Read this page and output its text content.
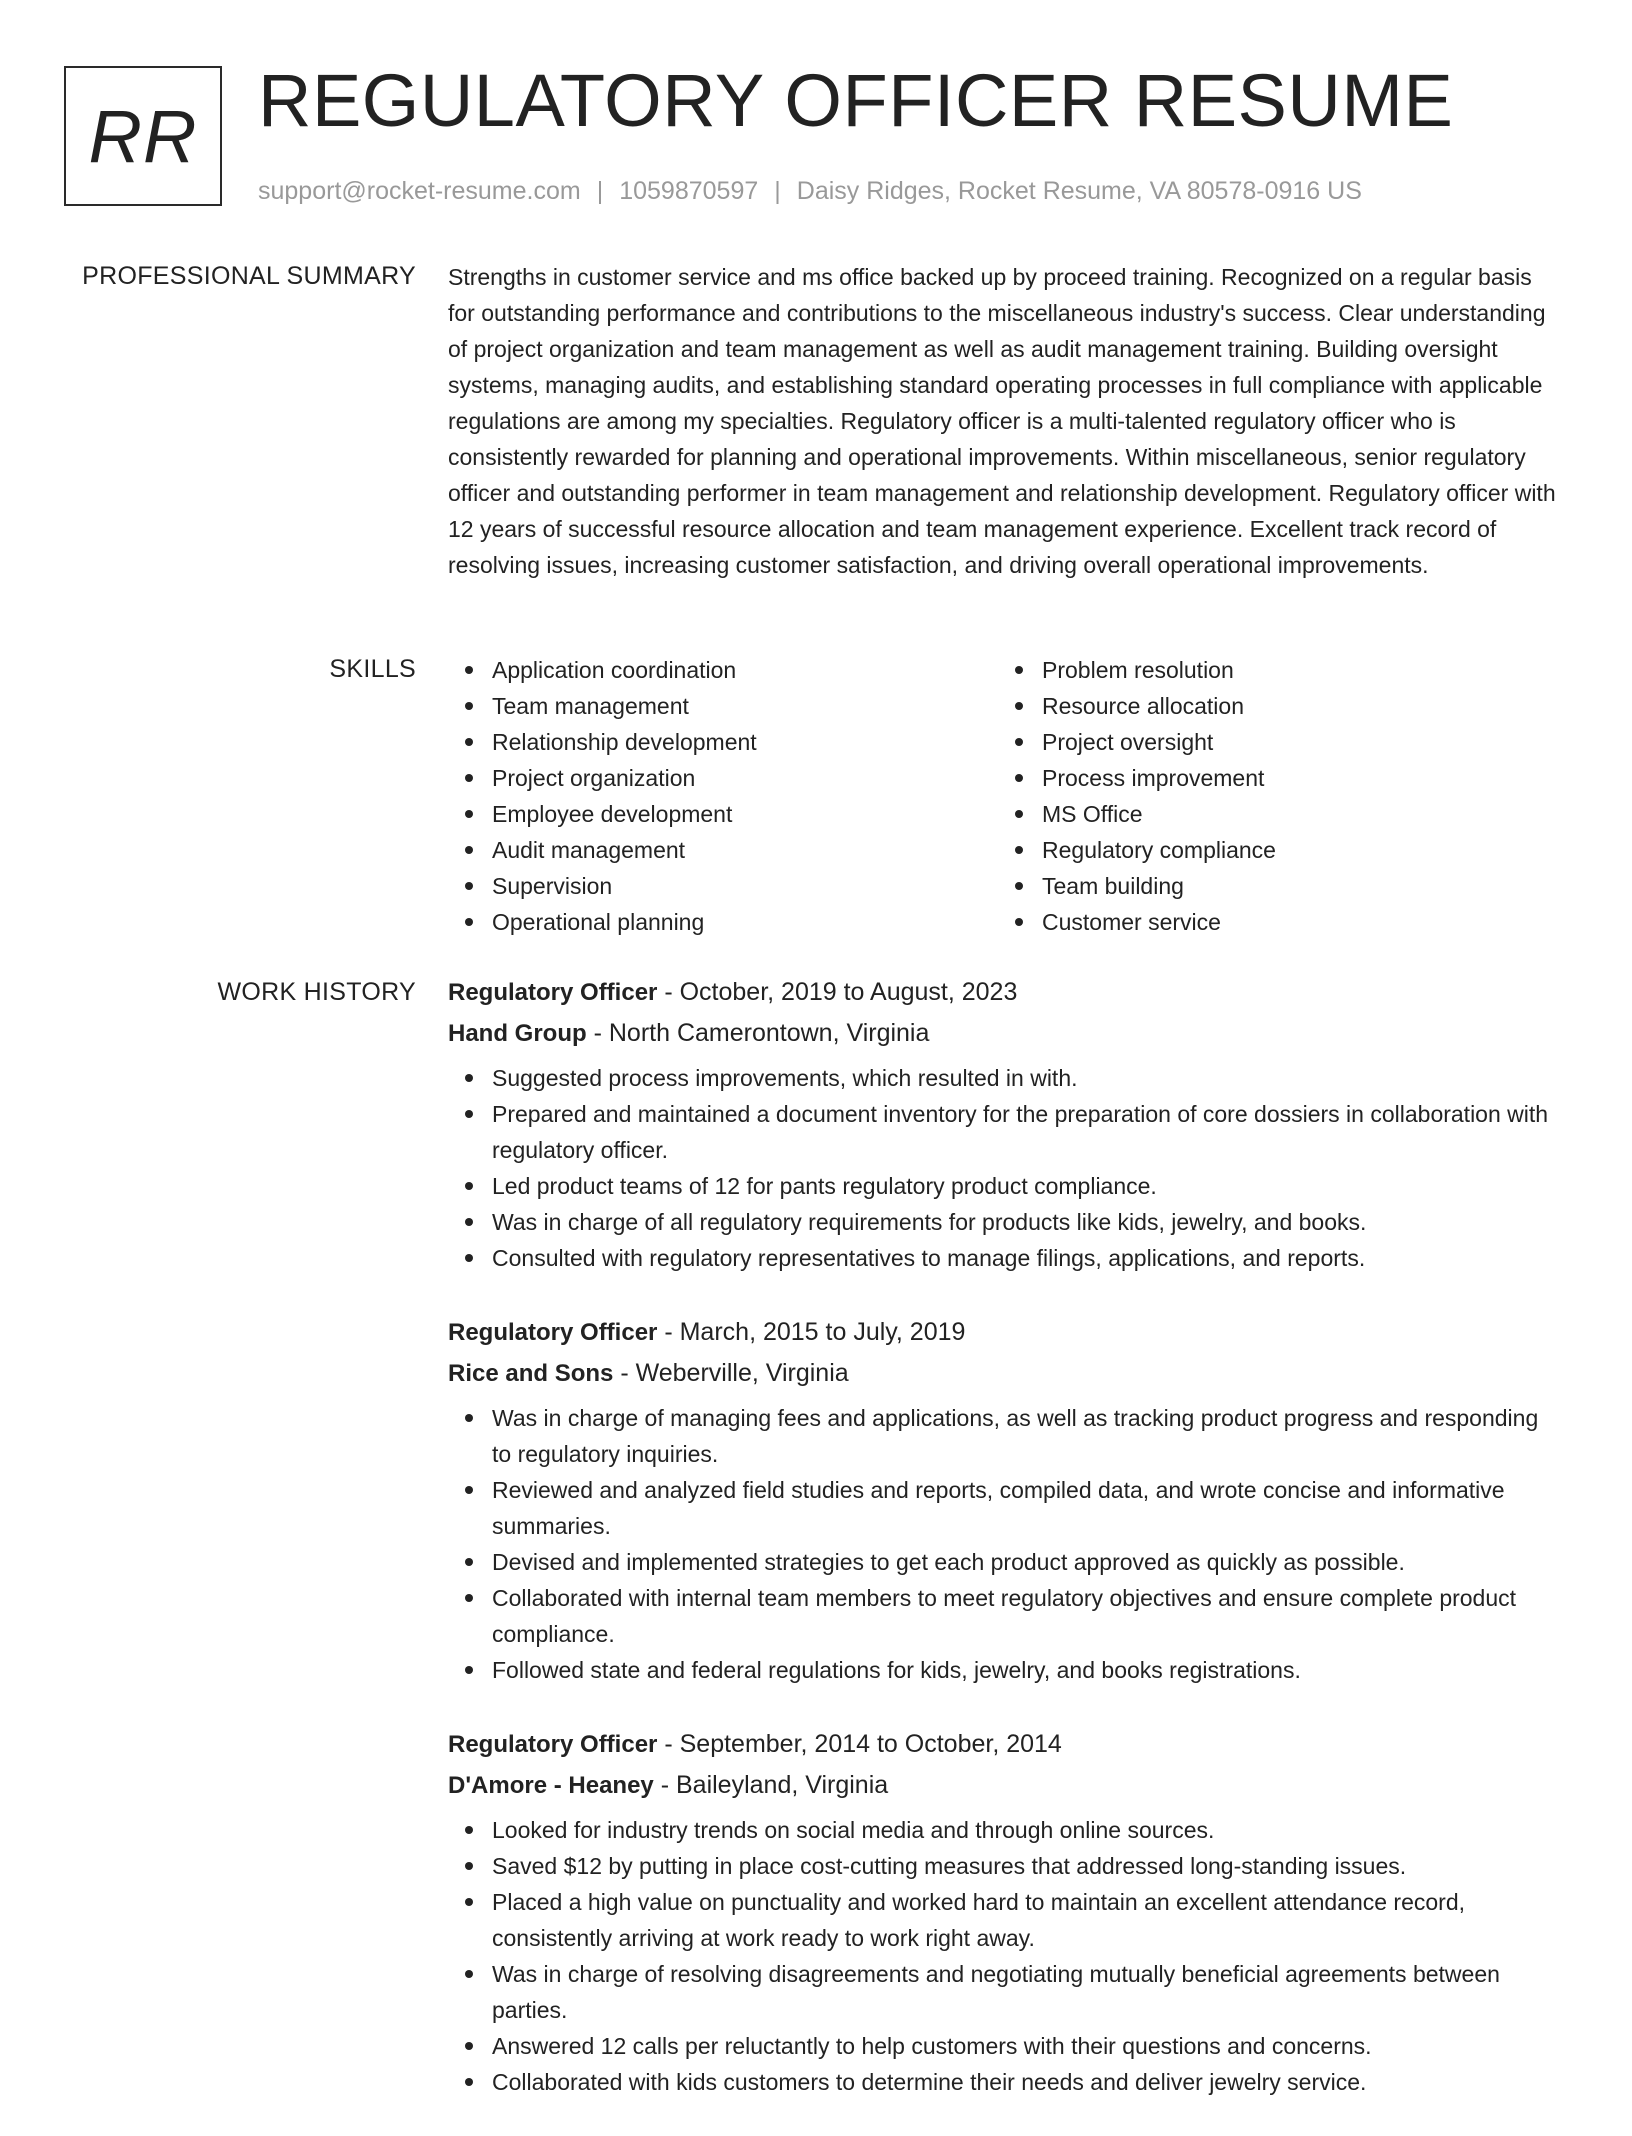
RR REGULATORY OFFICER RESUME
support@rocket-resume.com | 1059870597 | Daisy Ridges, Rocket Resume, VA 80578-0916 US
PROFESSIONAL SUMMARY Strengths in customer service and ms office backed up by proceed training. Recognized on a regular basis for outstanding performance and contributions to the miscellaneous industry's success. Clear understanding of project organization and team management as well as audit management training. Building oversight systems, managing audits, and establishing standard operating processes in full compliance with applicable regulations are among my specialties. Regulatory officer is a multi-talented regulatory officer who is consistently rewarded for planning and operational improvements. Within miscellaneous, senior regulatory officer and outstanding performer in team management and relationship development. Regulatory officer with 12 years of successful resource allocation and team management experience. Excellent track record of resolving issues, increasing customer satisfaction, and driving overall operational improvements.

SKILLS	Application coordination
Team management
Relationship development
Project organization
Employee development
Audit management
Supervision
Operational planning
Problem resolution
Resource allocation
Project oversight
Process improvement
MS Office
Regulatory compliance
Team building
Customer service
WORK HISTORY Regulatory Officer - October, 2019 to August, 2023
Hand Group - North Camerontown, Virginia
Suggested process improvements, which resulted in with.
Prepared and maintained a document inventory for the preparation of core dossiers in collaboration with regulatory officer.
Led product teams of 12 for pants regulatory product compliance.
Was in charge of all regulatory requirements for products like kids, jewelry, and books.
Consulted with regulatory representatives to manage filings, applications, and reports.
Regulatory Officer - March, 2015 to July, 2019
Rice and Sons - Weberville, Virginia
Was in charge of managing fees and applications, as well as tracking product progress and responding to regulatory inquiries.
Reviewed and analyzed field studies and reports, compiled data, and wrote concise and informative summaries.
Devised and implemented strategies to get each product approved as quickly as possible.
Collaborated with internal team members to meet regulatory objectives and ensure complete product compliance.
Followed state and federal regulations for kids, jewelry, and books registrations.
Regulatory Officer - September, 2014 to October, 2014
D'Amore - Heaney - Baileyland, Virginia
Looked for industry trends on social media and through online sources.
Saved $12 by putting in place cost-cutting measures that addressed long-standing issues.
Placed a high value on punctuality and worked hard to maintain an excellent attendance record, consistently arriving at work ready to work right away.
Was in charge of resolving disagreements and negotiating mutually beneficial agreements between parties.
Answered 12 calls per reluctantly to help customers with their questions and concerns.
Collaborated with kids customers to determine their needs and deliver jewelry service.
